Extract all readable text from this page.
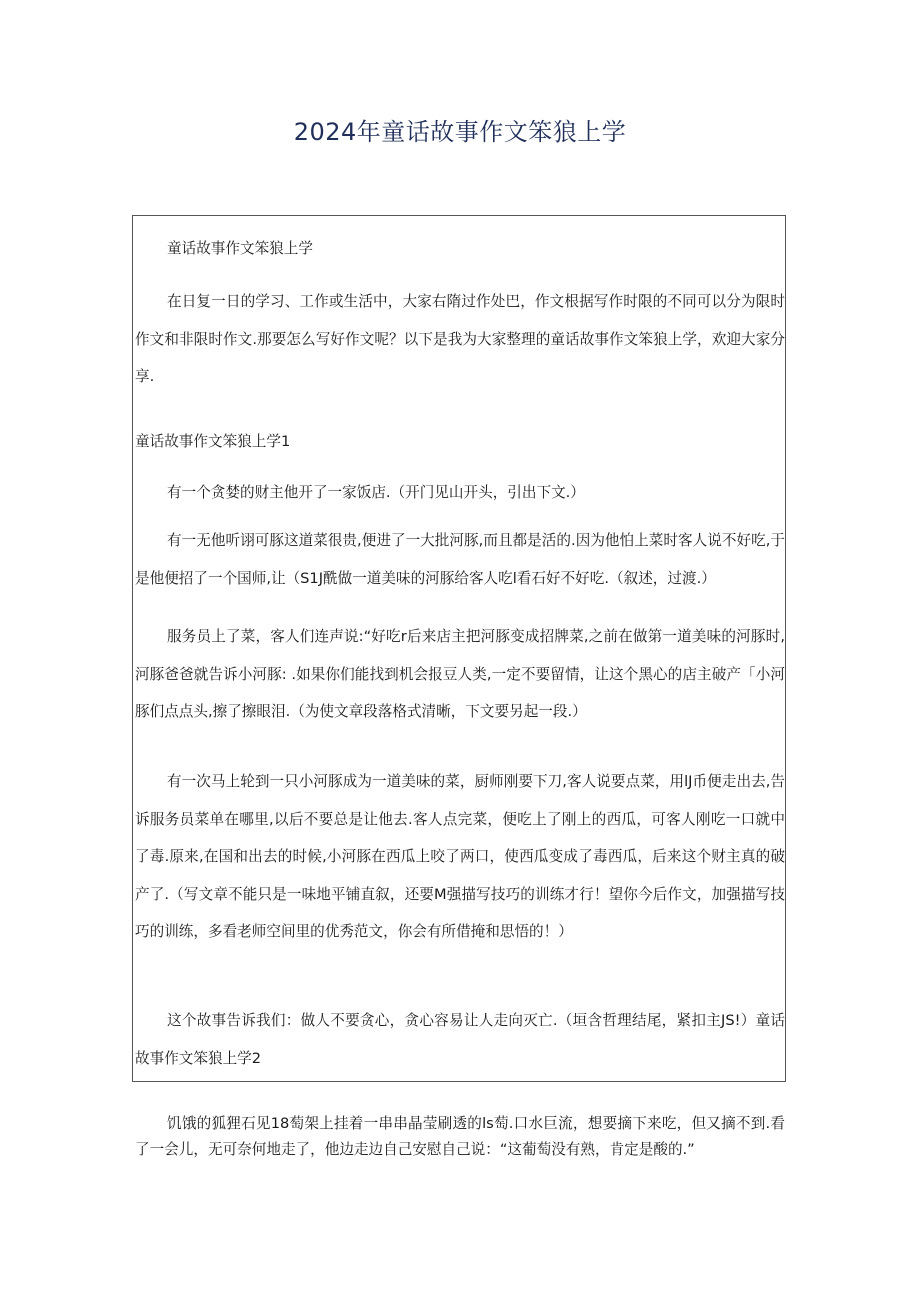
2024年童话故事作文笨狼上学

童话故事作文笨狼上学

在日复一日的学习、工作或生活中，大家右隋过作处巴，作文根据写作时限的不同可以分为限时作文和非限时作文.那要怎么写好作文呢？以下是我为大家整理的童话故事作文笨狼上学，欢迎大家分享.

童话故事作文笨狼上学1

有一个贪婪的财主他开了一家饭店.（开门见山开头，引出下文.）

有一无他听诩可豚这道菜很贵,便进了一大批河豚,而且都是活的.因为他怕上菜时客人说不好吃,于是他便招了一个国师,让（S1J酰做一道美味的河豚给客人吃l看石好不好吃.（叙述，过渡.）

服务员上了菜，客人们连声说:“好吃r后来店主把河豚变成招牌菜,之前在做第一道美味的河豚时,河豚爸爸就告诉小河豚: .如果你们能找到机会报豆人类,一定不要留情，让这个黑心的店主破产「小河豚们点点头,擦了擦眼泪.（为使文章段落格式清晰，下文要另起一段.）

有一次马上轮到一只小河豚成为一道美味的菜，厨师刚要下刀,客人说要点菜，用lJ币便走出去,告诉服务员菜单在哪里,以后不要总是让他去.客人点完菜，便吃上了刚上的西瓜，可客人刚吃一口就中了毒.原来,在国和出去的时候,小河豚在西瓜上咬了两口，使西瓜变成了毒西瓜，后来这个财主真的破产了.（写文章不能只是一味地平铺直叙，还要M强描写技巧的训练才行！望你今后作文，加强描写技巧的训练，多看老师空间里的优秀范文，你会有所借掩和思悟的！）

这个故事告诉我们：做人不要贪心，贪心容易让人走向灭亡.（垣含哲理结尾，紧扣主JS!）童话故事作文笨狼上学2

饥饿的狐狸石见18萄架上挂着一串串晶莹刷透的ls萄.口水巨流，想要摘下来吃，但又摘不到.看了一会儿，无可奈何地走了，他边走边自己安慰自己说：“这葡萄没有熟，肯定是酸的.”
